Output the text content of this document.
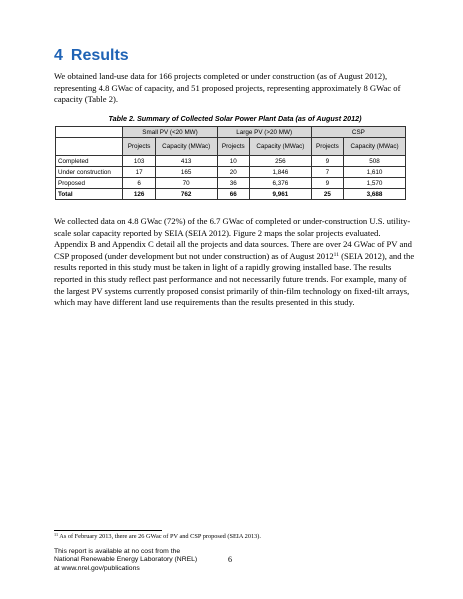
4 Results
We obtained land-use data for 166 projects completed or under construction (as of August 2012), representing 4.8 GWac of capacity, and 51 proposed projects, representing approximately 8 GWac of capacity (Table 2).
Table 2. Summary of Collected Solar Power Plant Data (as of August 2012)
	Small PV (<20 MW)		Large PV (>20 MW)		CSP	
	Projects	Capacity (MWac)	Projects	Capacity (MWac)	Projects	Capacity (MWac)
Completed	103	413	10	256	9	508
Under construction	17	165	20	1,846	7	1,610
Proposed	6	70	36	6,376	9	1,570
Total	126	762	66	9,961	25	3,688
We collected data on 4.8 GWac (72%) of the 6.7 GWac of completed or under-construction U.S. utility-scale solar capacity reported by SEIA (SEIA 2012). Figure 2 maps the solar projects evaluated. Appendix B and Appendix C detail all the projects and data sources. There are over 24 GWac of PV and CSP proposed (under development but not under construction) as of August 2012$^{11}$ (SEIA 2012), and the results reported in this study must be taken in light of a rapidly growing installed base. The results reported in this study reflect past performance and not necessarily future trends. For example, many of the largest PV systems currently proposed consist primarily of thin-film technology on fixed-tilt arrays, which may have different land use requirements than the results presented in this study.
$^{11}$ As of February 2013, there are 26 GWac of PV and CSP proposed (SEIA 2013).
This report is available at no cost from the
National Renewable Energy Laboratory (NREL)
at www.nrel.gov/publications
6
